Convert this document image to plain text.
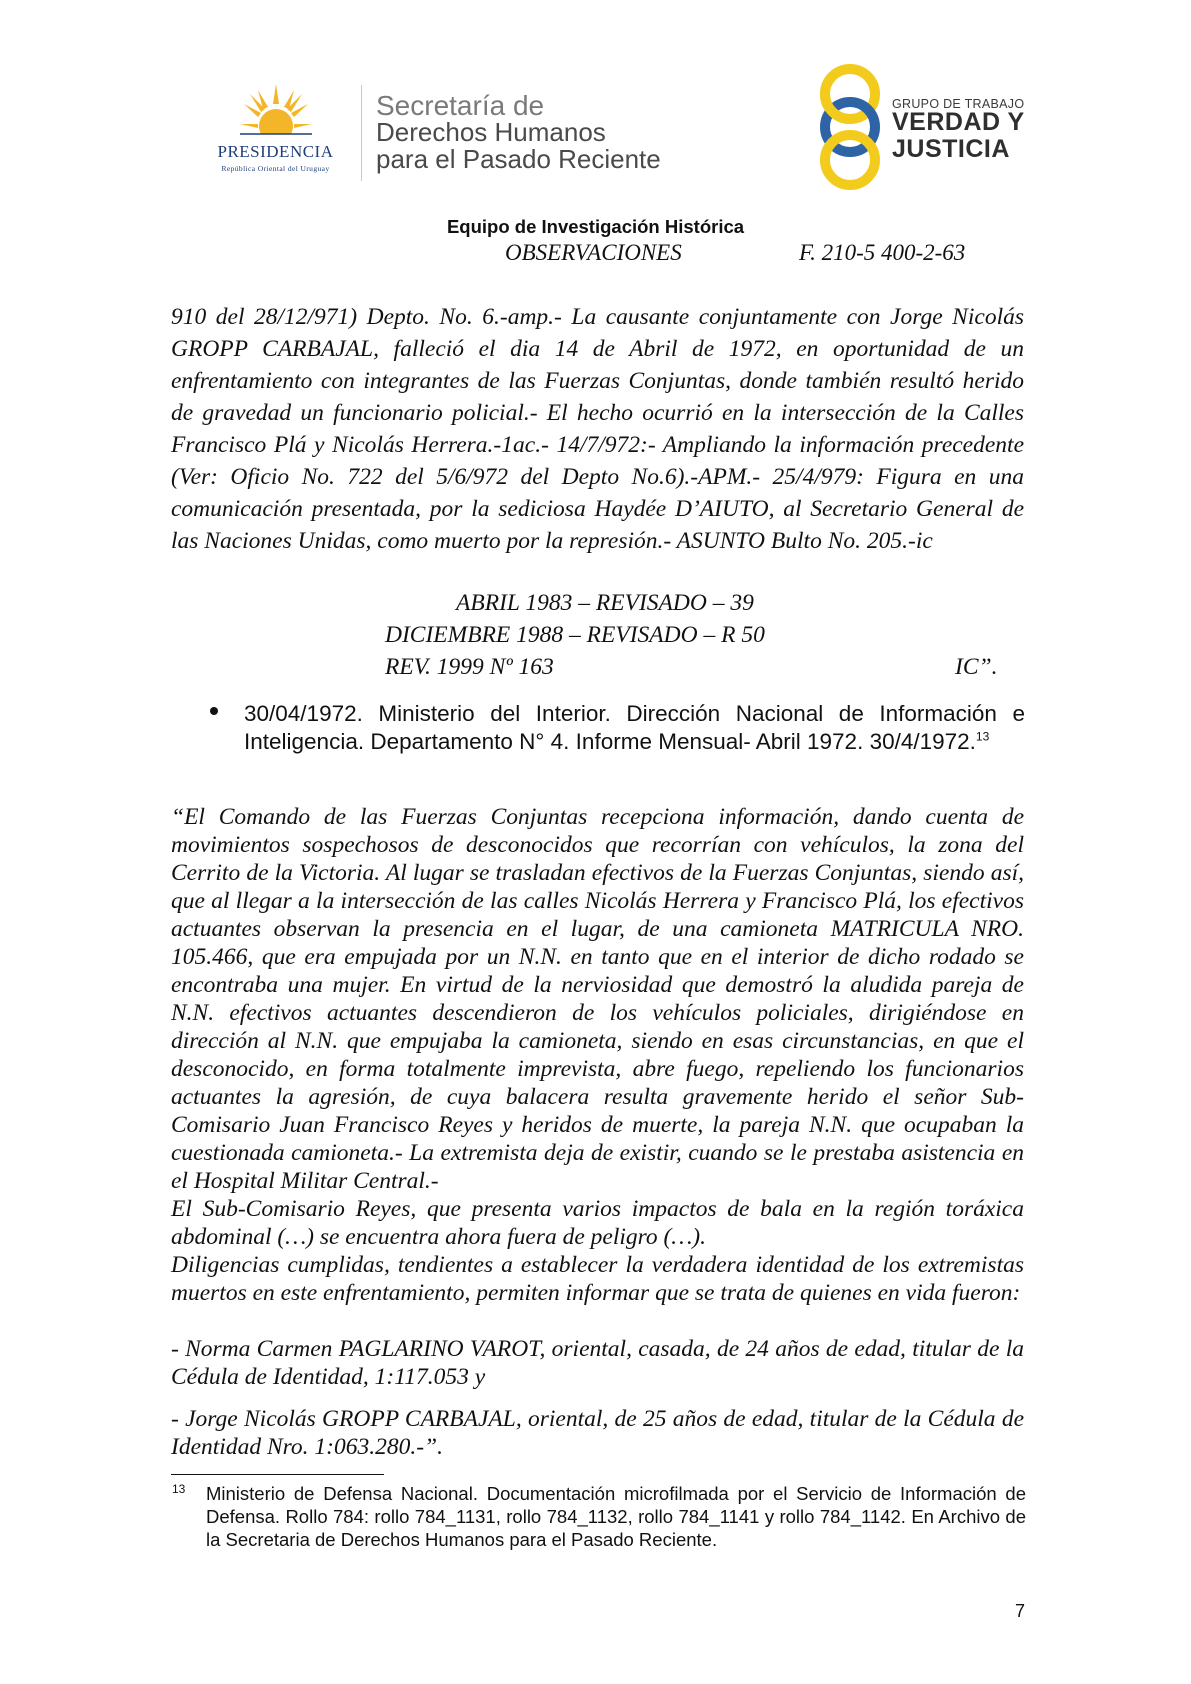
PRESIDENCIA
República Oriental del Uruguay
Secretaría de
Derechos Humanos
para el Pasado Reciente
GRUPO DE TRABAJO
VERDAD Y
JUSTICIA
Equipo de Investigación Histórica
OBSERVACIONES	F. 210-5 400-2-63
910 del 28/12/971) Depto. No. 6.-amp.- La causante conjuntamente con Jorge Nicolás GROPP CARBAJAL, falleció el dia 14 de Abril de 1972, en oportunidad de un enfrentamiento con integrantes de las Fuerzas Conjuntas, donde también resultó herido de gravedad un funcionario policial.- El hecho ocurrió en la intersección de la Calles Francisco Plá y Nicolás Herrera.-1ac.- 14/7/972:- Ampliando la información precedente (Ver: Oficio No. 722 del 5/6/972 del Depto No.6).-APM.- 25/4/979: Figura en una comunicación presentada, por la sediciosa Haydée D’AIUTO, al Secretario General de las Naciones Unidas, como muerto por la represión.- ASUNTO Bulto No. 205.-ic
ABRIL 1983 – REVISADO – 39
DICIEMBRE 1988 – REVISADO – R 50
REV. 1999 Nº 163	IC”.
30/04/1972. Ministerio del Interior. Dirección Nacional de Información e Inteligencia. Departamento N° 4. Informe Mensual- Abril 1972. 30/4/1972.13
“El Comando de las Fuerzas Conjuntas recepciona información, dando cuenta de movimientos sospechosos de desconocidos que recorrían con vehículos, la zona del Cerrito de la Victoria. Al lugar se trasladan efectivos de la Fuerzas Conjuntas, siendo así, que al llegar a la intersección de las calles Nicolás Herrera y Francisco Plá, los efectivos actuantes observan la presencia en el lugar, de una camioneta MATRICULA NRO. 105.466, que era empujada por un N.N. en tanto que en el interior de dicho rodado se encontraba una mujer. En virtud de la nerviosidad que demostró la aludida pareja de N.N. efectivos actuantes descendieron de los vehículos policiales, dirigiéndose en dirección al N.N. que empujaba la camioneta, siendo en esas circunstancias, en que el desconocido, en forma totalmente imprevista, abre fuego, repeliendo los funcionarios actuantes la agresión, de cuya balacera resulta gravemente herido el señor Sub-Comisario Juan Francisco Reyes y heridos de muerte, la pareja N.N. que ocupaban la cuestionada camioneta.- La extremista deja de existir, cuando se le prestaba asistencia en el Hospital Militar Central.-
El Sub-Comisario Reyes, que presenta varios impactos de bala en la región toráxica abdominal (…) se encuentra ahora fuera de peligro (…).
Diligencias cumplidas, tendientes a establecer la verdadera identidad de los extremistas muertos en este enfrentamiento, permiten informar que se trata de quienes en vida fueron:
- Norma Carmen PAGLARINO VAROT, oriental, casada, de 24 años de edad, titular de la Cédula de Identidad, 1:117.053 y
- Jorge Nicolás GROPP CARBAJAL, oriental, de 25 años de edad, titular de la Cédula de Identidad Nro. 1:063.280.-”.
13 Ministerio de Defensa Nacional. Documentación microfilmada por el Servicio de Información de Defensa. Rollo 784: rollo 784_1131, rollo 784_1132, rollo 784_1141 y rollo 784_1142. En Archivo de la Secretaria de Derechos Humanos para el Pasado Reciente.
7
